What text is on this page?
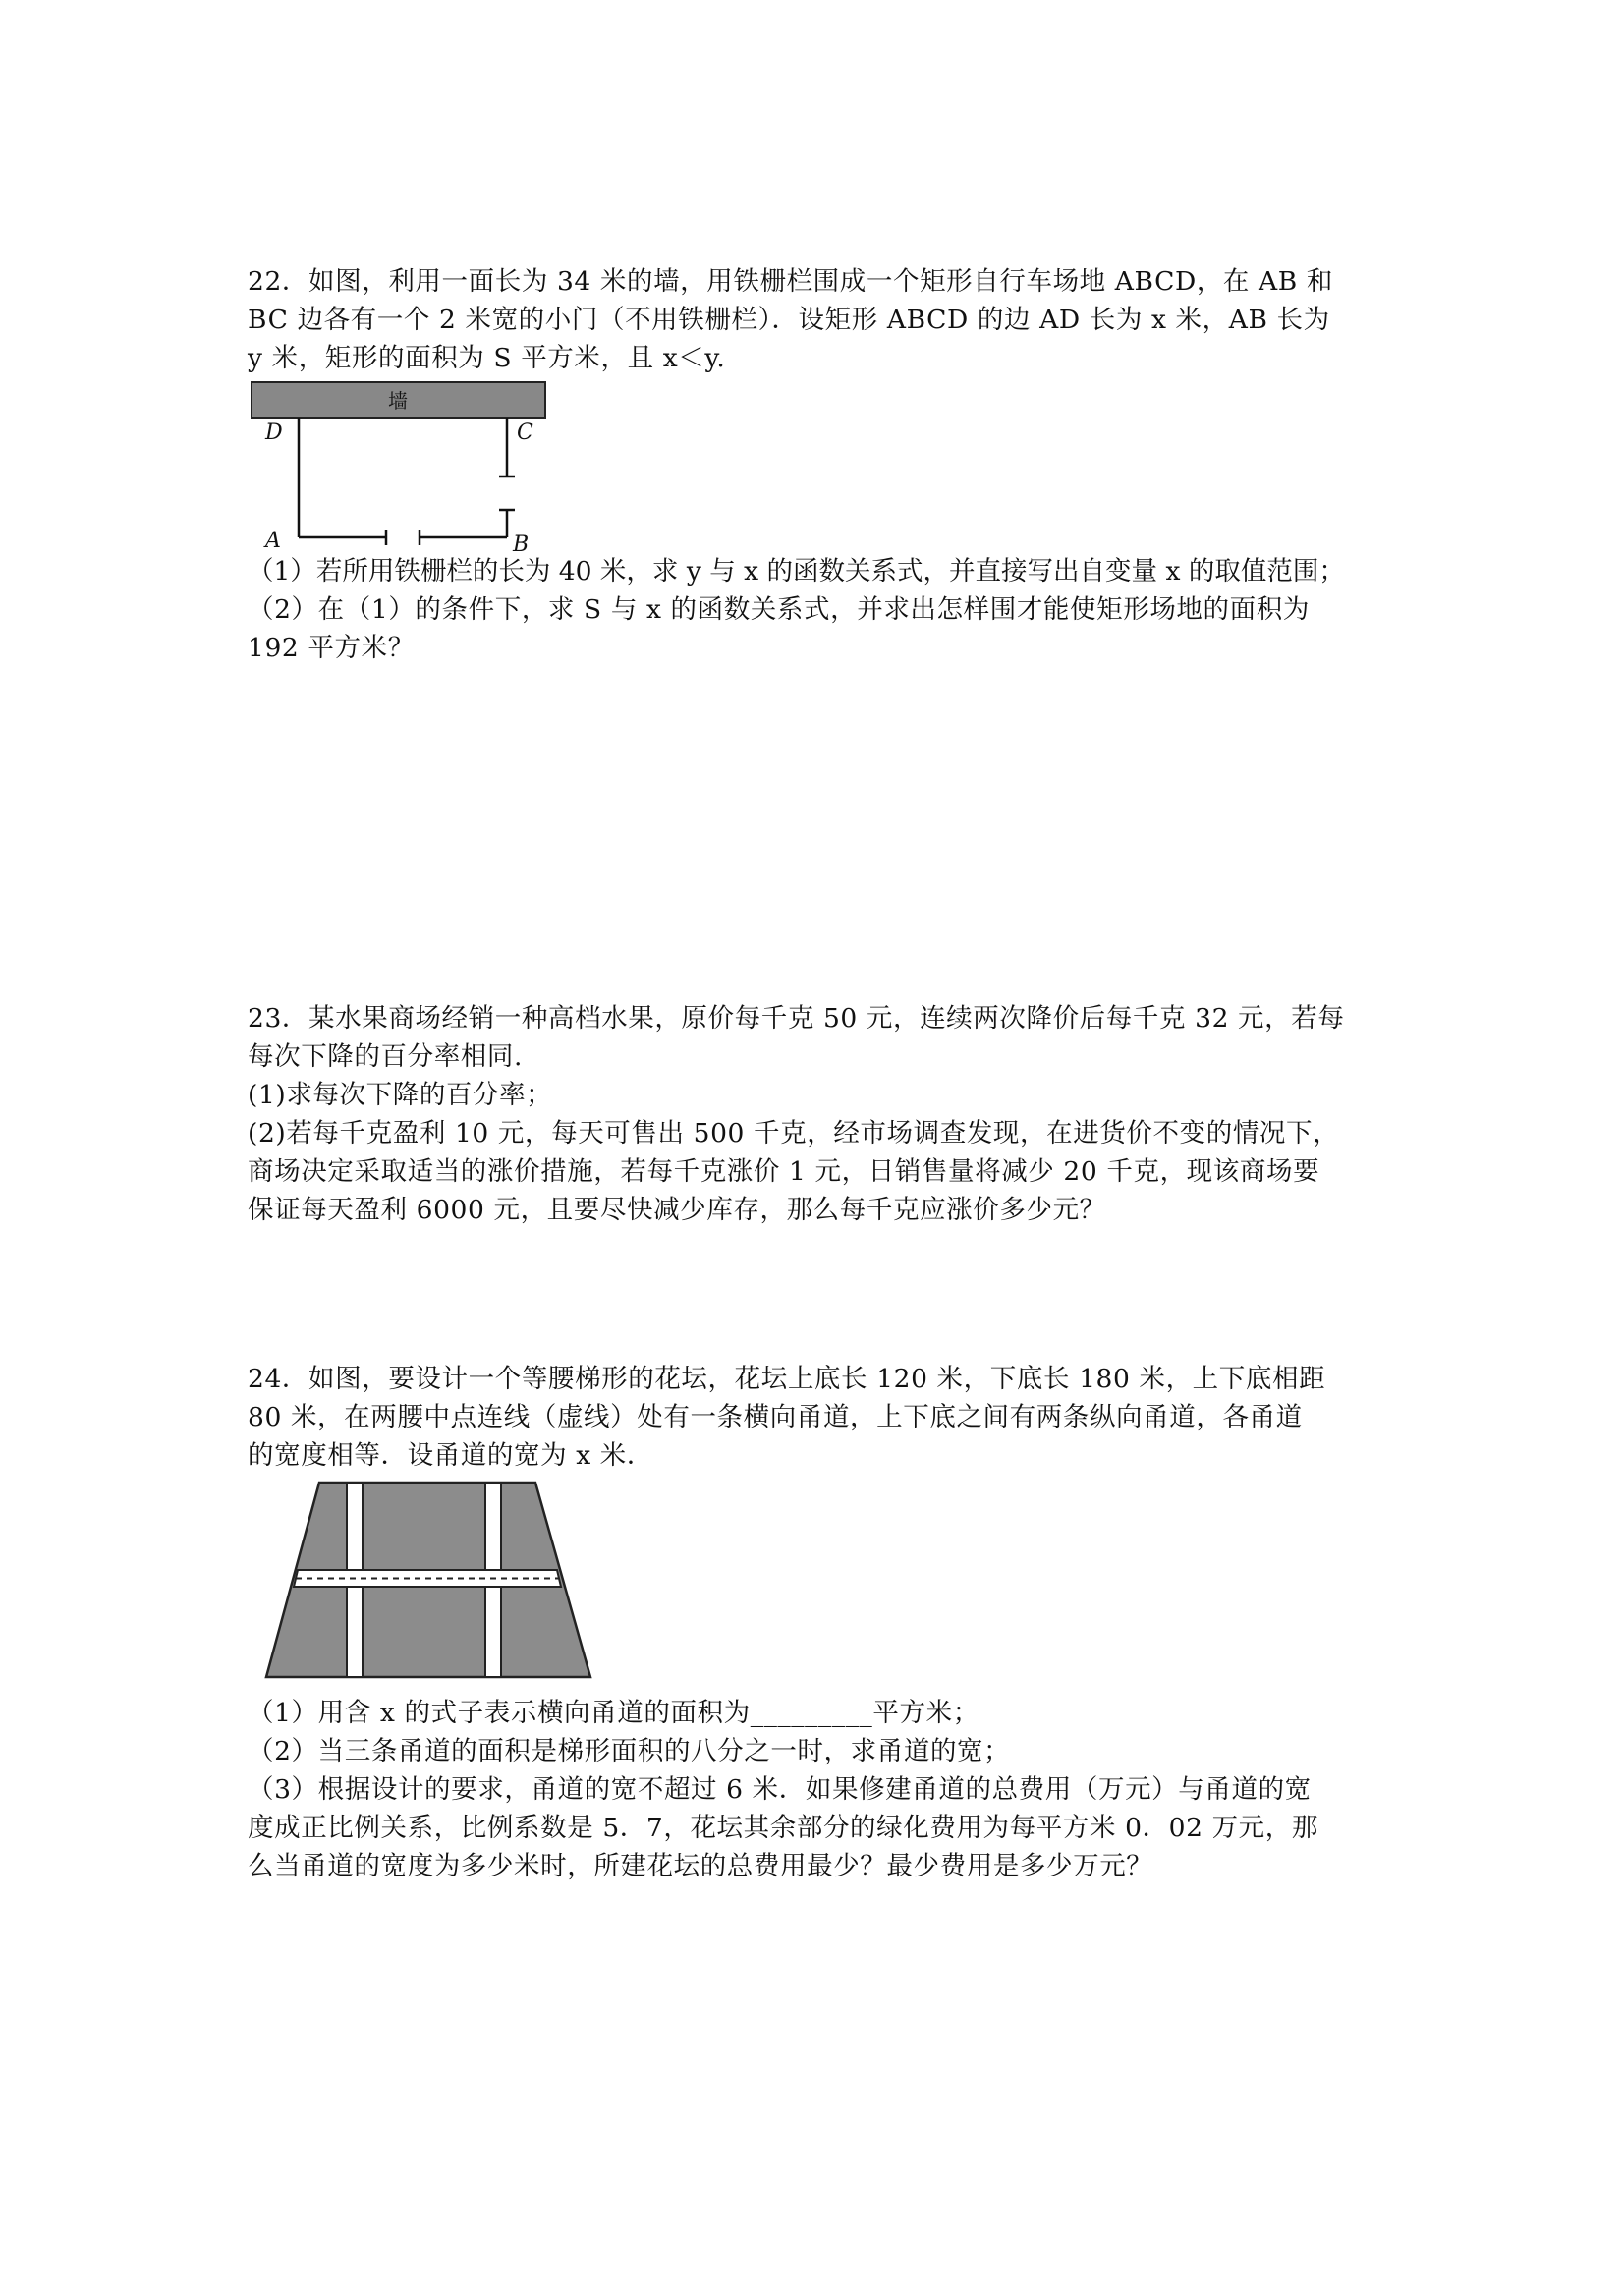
22．如图，利用一面长为 34 米的墙，用铁栅栏围成一个矩形自行车场地 ABCD，在 AB 和
BC 边各有一个 2 米宽的小门（不用铁栅栏）．设矩形 ABCD 的边 AD 长为 x 米，AB 长为
y 米，矩形的面积为 S 平方米，且 x＜y.
墙
D	C
A	B
（1）若所用铁栅栏的长为 40 米，求 y 与 x 的函数关系式，并直接写出自变量 x 的取值范围；
（2）在（1）的条件下，求 S 与 x 的函数关系式，并求出怎样围才能使矩形场地的面积为
192 平方米？
23．某水果商场经销一种高档水果，原价每千克 50 元，连续两次降价后每千克 32 元，若每
每次下降的百分率相同.
(1)求每次下降的百分率；
(2)若每千克盈利 10 元，每天可售出 500 千克，经市场调查发现，在进货价不变的情况下，
商场决定采取适当的涨价措施，若每千克涨价 1 元，日销售量将减少 20 千克，现该商场要
保证每天盈利 6000 元，且要尽快减少库存，那么每千克应涨价多少元？
24．如图，要设计一个等腰梯形的花坛，花坛上底长 120 米，下底长 180 米，上下底相距
80 米，在两腰中点连线（虚线）处有一条横向甬道，上下底之间有两条纵向甬道，各甬道
的宽度相等．设甬道的宽为 x 米．
（1）用含 x 的式子表示横向甬道的面积为_________平方米；
（2）当三条甬道的面积是梯形面积的八分之一时，求甬道的宽；
（3）根据设计的要求，甬道的宽不超过 6 米．如果修建甬道的总费用（万元）与甬道的宽
度成正比例关系，比例系数是 5．7，花坛其余部分的绿化费用为每平方米 0．02 万元，那
么当甬道的宽度为多少米时，所建花坛的总费用最少？最少费用是多少万元？
